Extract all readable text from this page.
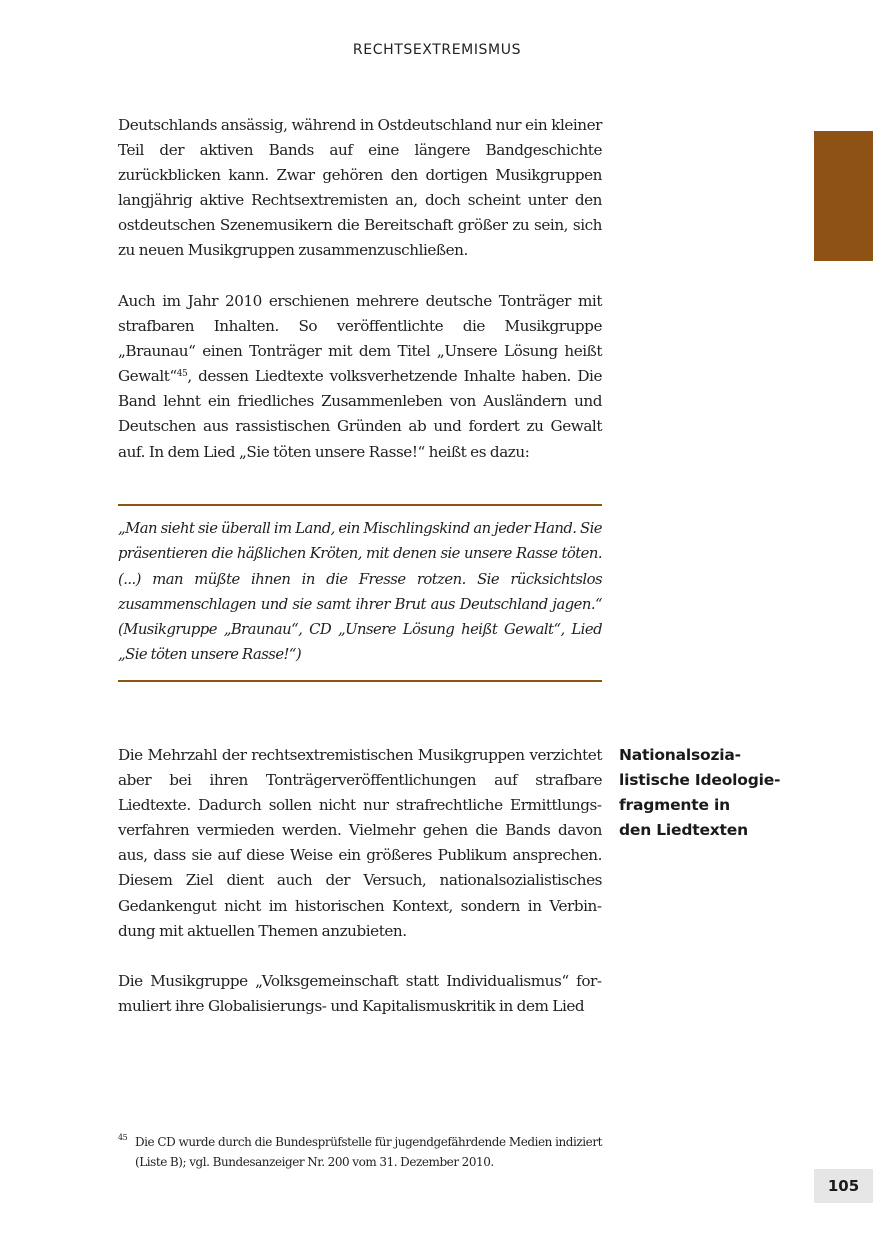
RECHTSEXTREMISMUS

Deutschlands ansässig, während in Ostdeutschland nur ein kleiner Teil der aktiven Bands auf eine längere Bandgeschichte zurückblicken kann. Zwar gehören den dortigen Musikgruppen langjährig aktive Rechtsextremisten an, doch scheint unter den ostdeutschen Szenemusikern die Bereitschaft größer zu sein, sich zu neuen Musikgruppen zusammenzuschließen.

Auch im Jahr 2010 erschienen mehrere deutsche Tonträger mit strafbaren Inhalten. So veröffentlichte die Musikgruppe „Braunau“ einen Tonträger mit dem Titel „Unsere Lösung heißt Gewalt“$^{45}$, dessen Liedtexte volksverhetzende Inhalte haben. Die Band lehnt ein friedliches Zusammenleben von Ausländern und Deutschen aus rassistischen Gründen ab und fordert zu Gewalt auf. In dem Lied „Sie töten unsere Rasse!“ heißt es dazu:

„Man sieht sie überall im Land, ein Mischlingskind an jeder Hand. Sie präsentieren die häßlichen Kröten, mit denen sie unsere Rasse töten. (...) man müßte ihnen in die Fresse rotzen. Sie rücksichtslos zusammenschlagen und sie samt ihrer Brut aus Deutschland jagen.“ (Musikgruppe „Braunau“, CD „Unsere Lösung heißt Gewalt“, Lied „Sie töten unsere Rasse!“)

Die Mehrzahl der rechtsextremistischen Musikgruppen verzichtet aber bei ihren Tonträgerveröffentlichungen auf strafbare Liedtexte. Dadurch sollen nicht nur strafrechtliche Ermittlungsverfahren vermieden werden. Vielmehr gehen die Bands davon aus, dass sie auf diese Weise ein größeres Publikum ansprechen. Diesem Ziel dient auch der Versuch, nationalsozialistisches Gedankengut nicht im historischen Kontext, sondern in Verbindung mit aktuellen Themen anzubieten.

Nationalsozia-
listische Ideologie-
fragmente in
den Liedtexten

Die Musikgruppe „Volksgemeinschaft statt Individualismus“ formuliert ihre Globalisierungs- und Kapitalismuskritik in dem Lied

45 Die CD wurde durch die Bundesprüfstelle für jugendgefährdende Medien indiziert (Liste B); vgl. Bundesanzeiger Nr. 200 vom 31. Dezember 2010.
105
